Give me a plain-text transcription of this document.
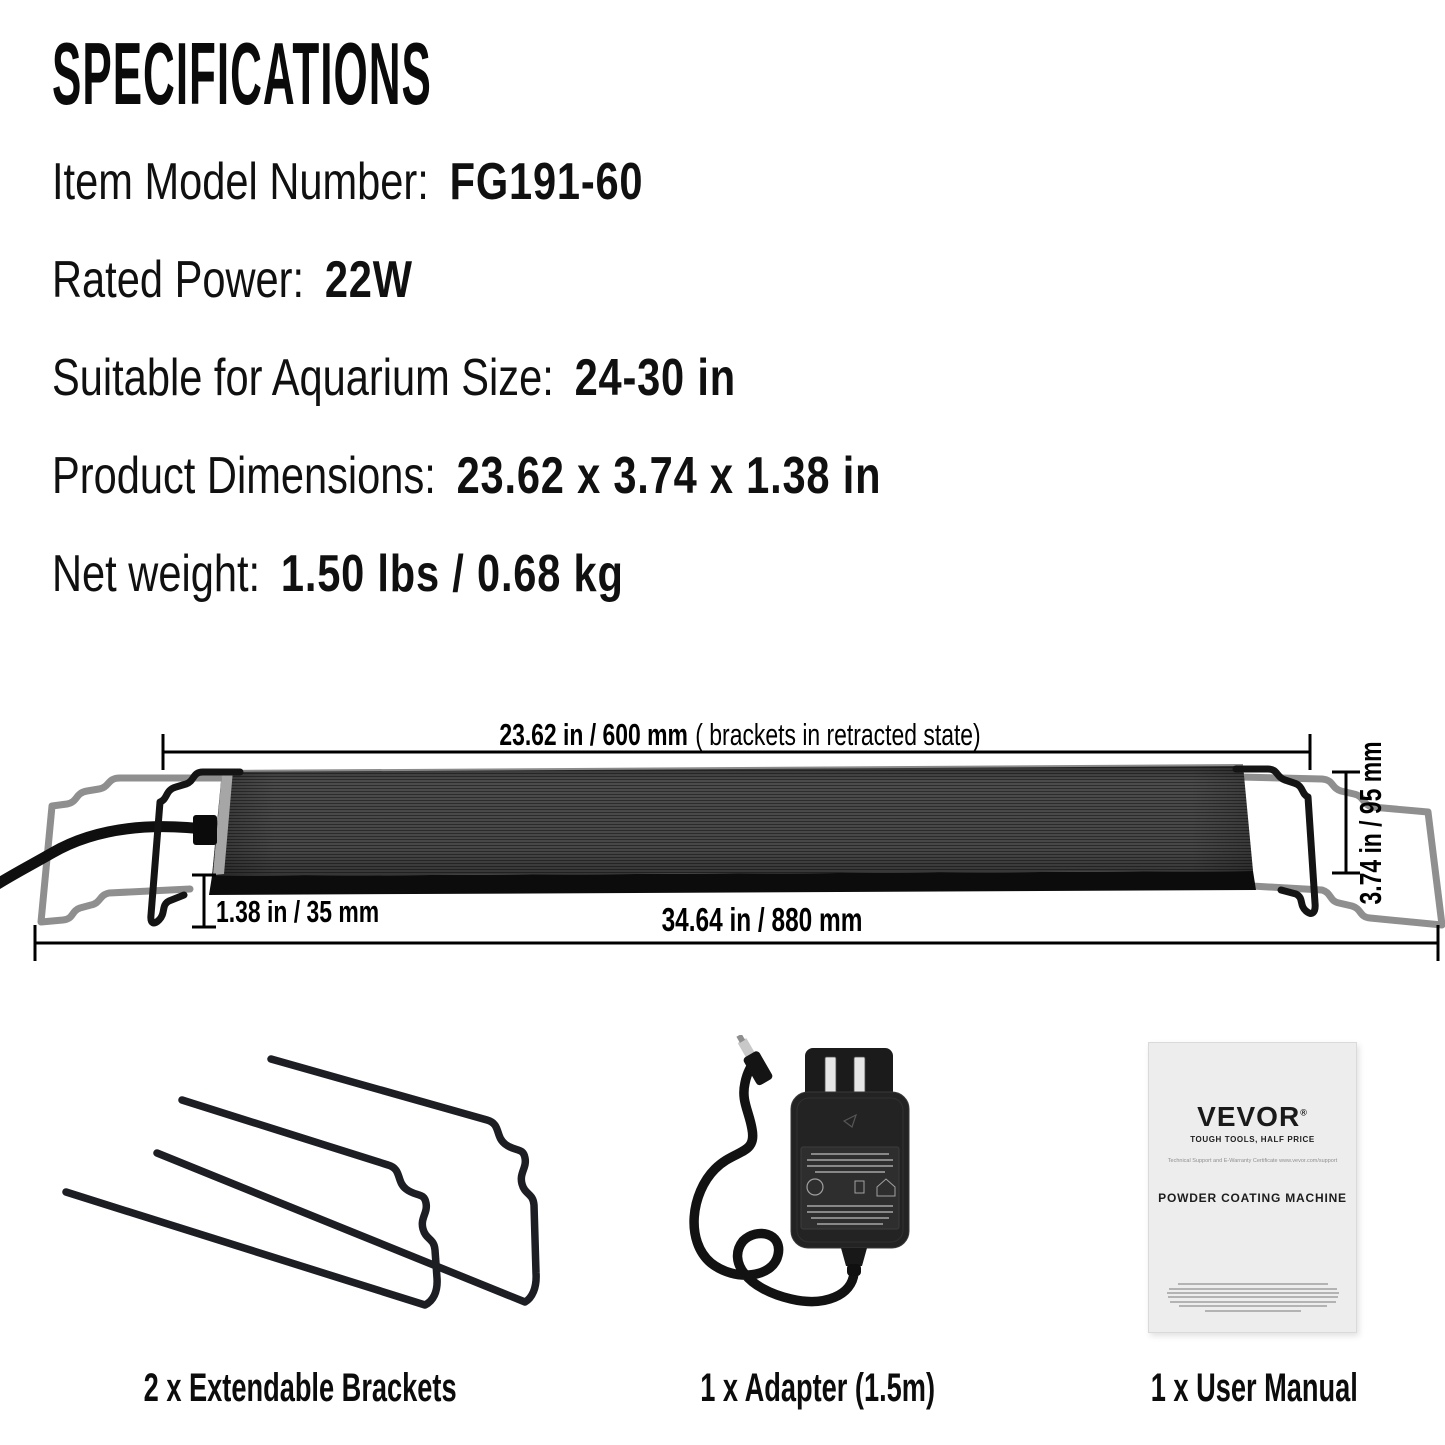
SPECIFICATIONS
Item Model Number: FG191-60
Rated Power: 22W
Suitable for Aquarium Size: 24-30 in
Product Dimensions: 23.62 x 3.74 x 1.38 in
Net weight: 1.50 lbs / 0.68 kg
23.62 in / 600 mm ( brackets in retracted state)
34.64 in / 880 mm
1.38 in / 35 mm
3.74 in / 95 mm
VEVOR®
TOUGH TOOLS, HALF PRICE
Technical Support and E-Warranty Certificate www.vevor.com/support
POWDER COATING MACHINE
2 x Extendable Brackets	1 x Adapter (1.5m)	1 x User Manual
